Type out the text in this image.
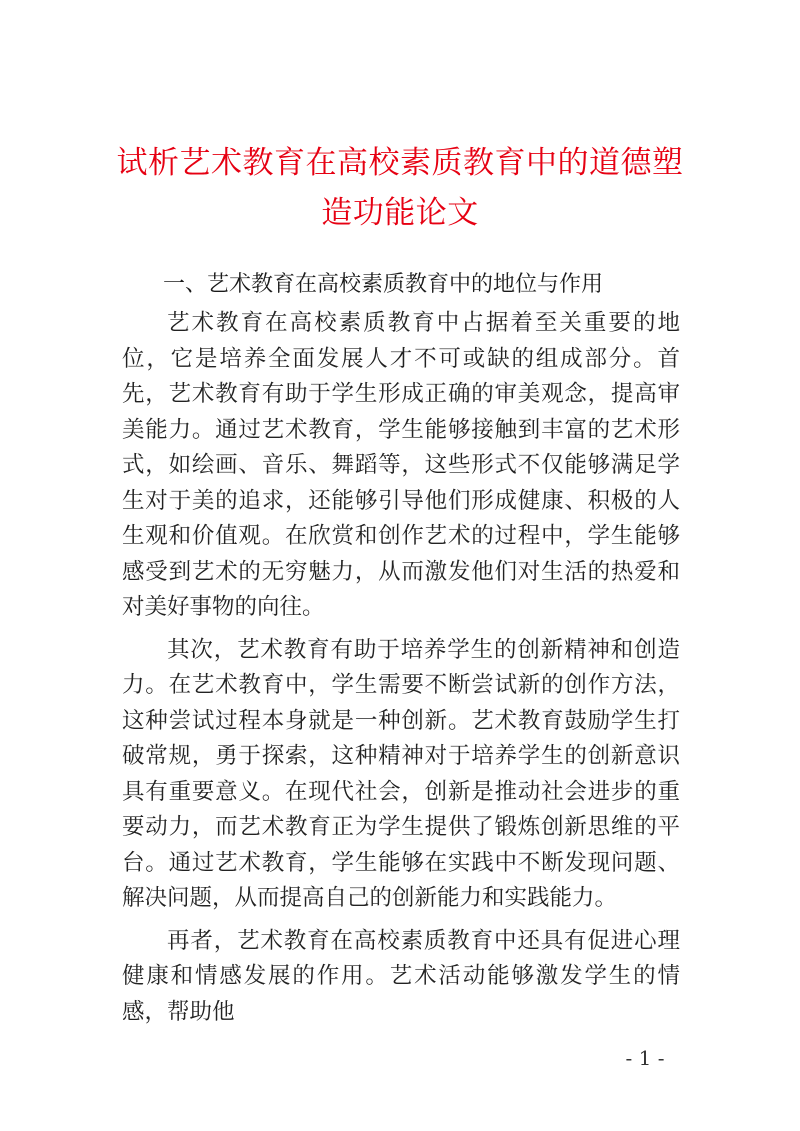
试析艺术教育在高校素质教育中的道德塑
造功能论文
一、艺术教育在高校素质教育中的地位与作用

艺术教育在高校素质教育中占据着至关重要的地位，它是培养全面发展人才不可或缺的组成部分。首先，艺术教育有助于学生形成正确的审美观念，提高审美能力。通过艺术教育，学生能够接触到丰富的艺术形式，如绘画、音乐、舞蹈等，这些形式不仅能够满足学生对于美的追求，还能够引导他们形成健康、积极的人生观和价值观。在欣赏和创作艺术的过程中，学生能够感受到艺术的无穷魅力，从而激发他们对生活的热爱和对美好事物的向往。

其次，艺术教育有助于培养学生的创新精神和创造力。在艺术教育中，学生需要不断尝试新的创作方法，这种尝试过程本身就是一种创新。艺术教育鼓励学生打破常规，勇于探索，这种精神对于培养学生的创新意识具有重要意义。在现代社会，创新是推动社会进步的重要动力，而艺术教育正为学生提供了锻炼创新思维的平台。通过艺术教育，学生能够在实践中不断发现问题、解决问题，从而提高自己的创新能力和实践能力。

再者，艺术教育在高校素质教育中还具有促进心理健康和情感发展的作用。艺术活动能够激发学生的情感，帮助他

- 1 -
